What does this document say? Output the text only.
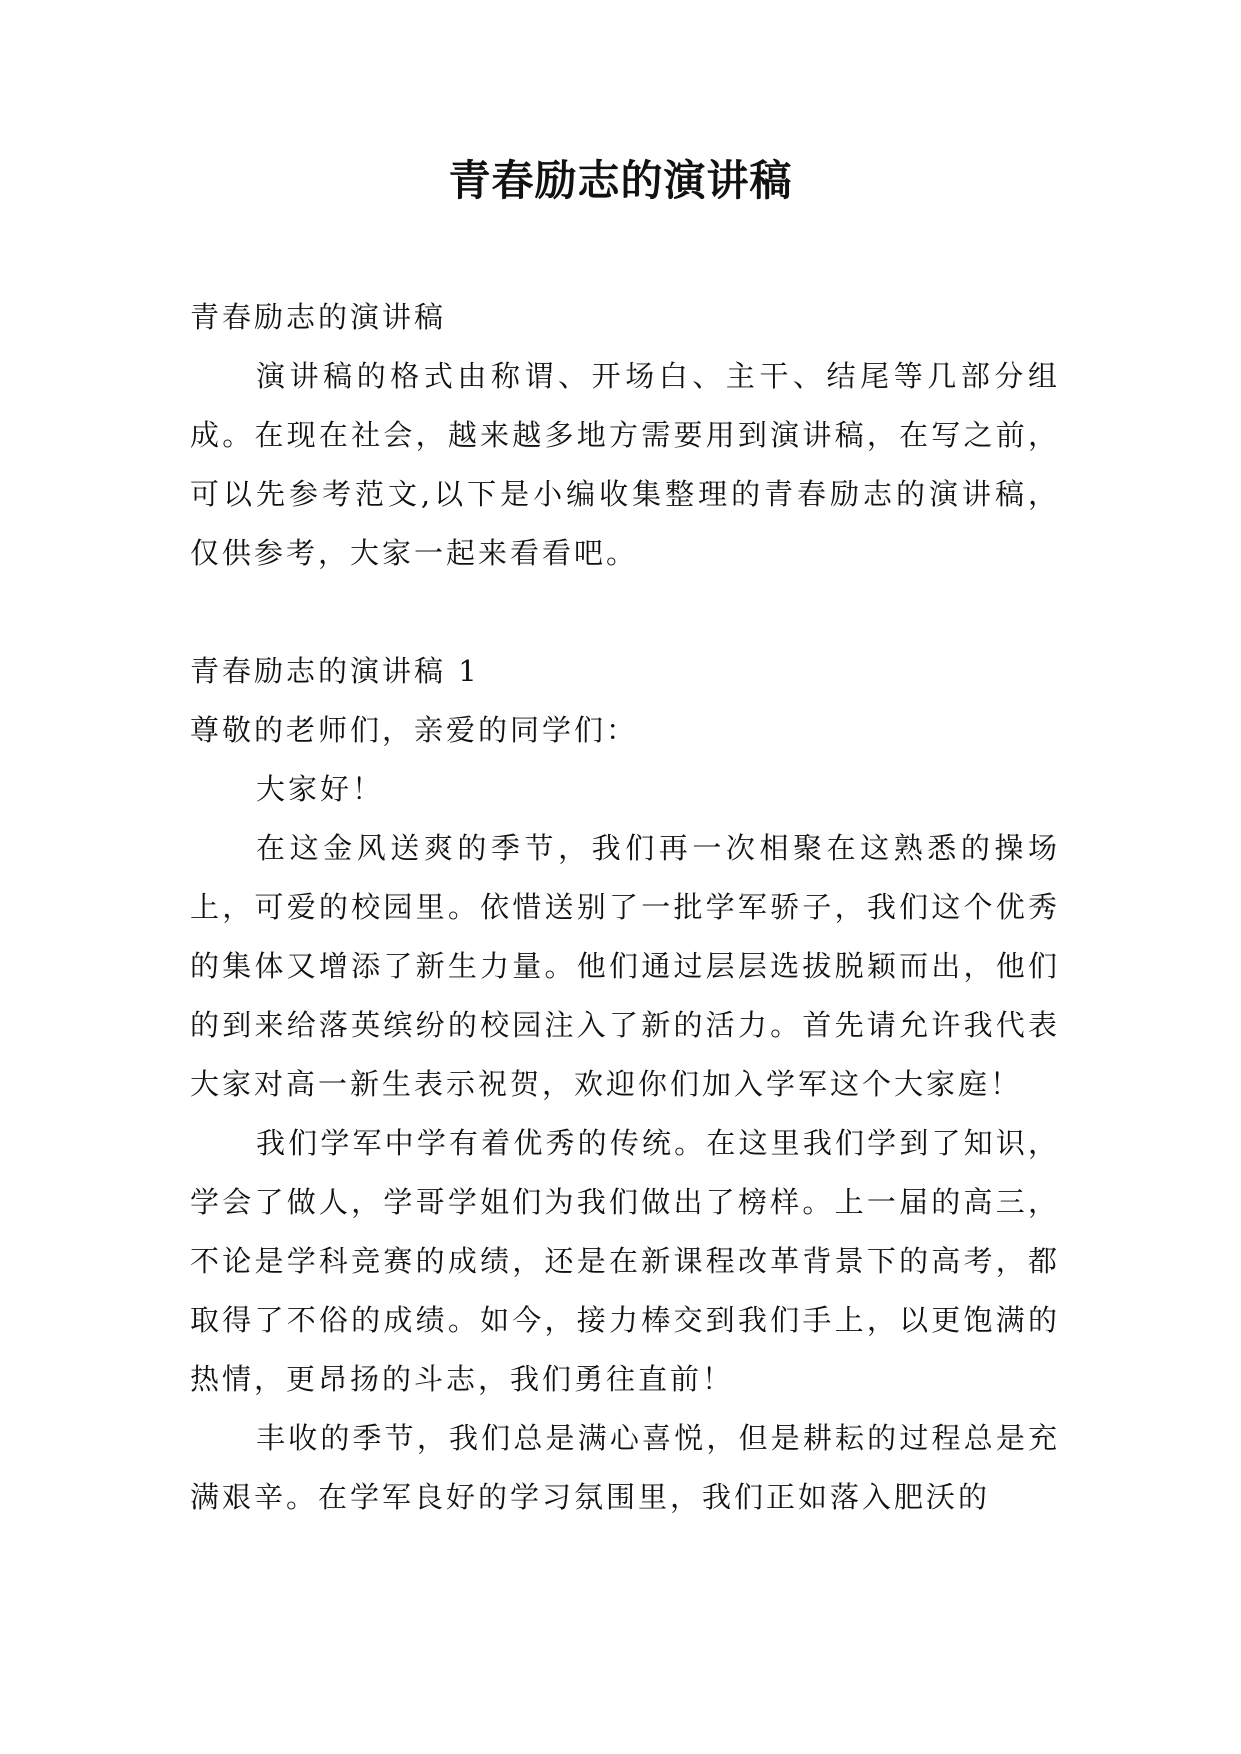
青春励志的演讲稿

青春励志的演讲稿

演讲稿的格式由称谓、开场白、主干、结尾等几部分组成。在现在社会，越来越多地方需要用到演讲稿，在写之前，可以先参考范文,以下是小编收集整理的青春励志的演讲稿，仅供参考，大家一起来看看吧。

青春励志的演讲稿 1

尊敬的老师们，亲爱的同学们：

大家好！

在这金风送爽的季节，我们再一次相聚在这熟悉的操场上，可爱的校园里。依惜送别了一批学军骄子，我们这个优秀的集体又增添了新生力量。他们通过层层选拔脱颖而出，他们的到来给落英缤纷的校园注入了新的活力。首先请允许我代表大家对高一新生表示祝贺，欢迎你们加入学军这个大家庭！

我们学军中学有着优秀的传统。在这里我们学到了知识，学会了做人，学哥学姐们为我们做出了榜样。上一届的高三，不论是学科竞赛的成绩，还是在新课程改革背景下的高考，都取得了不俗的成绩。如今，接力棒交到我们手上，以更饱满的热情，更昂扬的斗志，我们勇往直前！

丰收的季节，我们总是满心喜悦，但是耕耘的过程总是充满艰辛。在学军良好的学习氛围里，我们正如落入肥沃的
